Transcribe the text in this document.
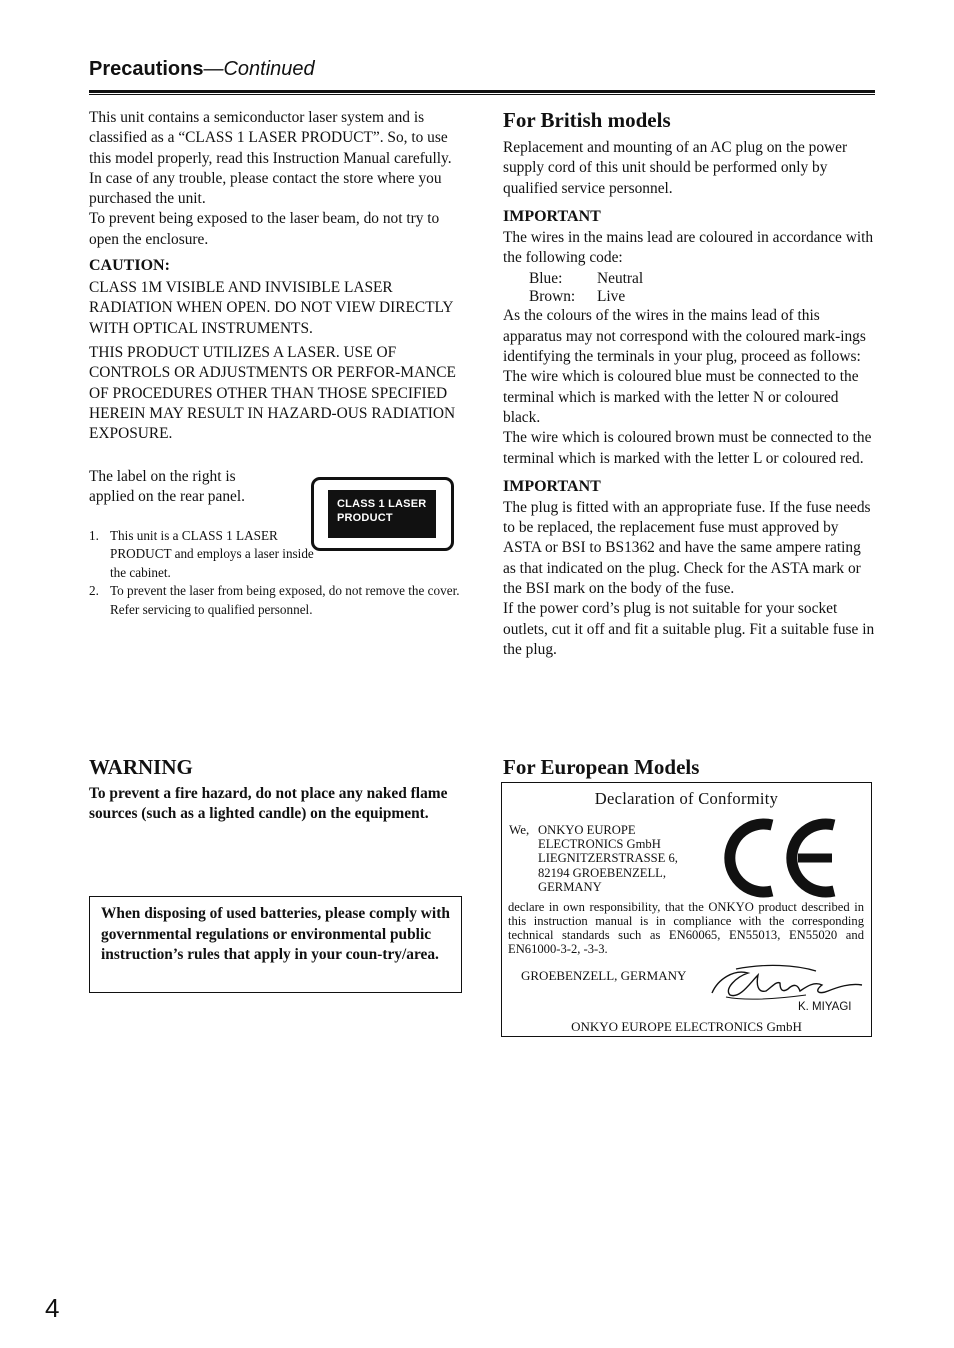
Precautions—Continued

This unit contains a semiconductor laser system and is classified as a “CLASS 1 LASER PRODUCT”. So, to use this model properly, read this Instruction Manual carefully. In case of any trouble, please contact the store where you purchased the unit.

To prevent being exposed to the laser beam, do not try to open the enclosure.

CAUTION:

CLASS 1M VISIBLE AND INVISIBLE LASER RADIATION WHEN OPEN. DO NOT VIEW DIRECTLY WITH OPTICAL INSTRUMENTS.

THIS PRODUCT UTILIZES A LASER. USE OF CONTROLS OR ADJUSTMENTS OR PERFOR-MANCE OF PROCEDURES OTHER THAN THOSE SPECIFIED HEREIN MAY RESULT IN HAZARD-OUS RADIATION EXPOSURE.

The label on the right is applied on the rear panel.	CLASS 1 LASER
PRODUCT
1. This unit is a CLASS 1 LASER PRODUCT and employs a laser inside the cabinet.
2. To prevent the laser from being exposed, do not remove the cover. Refer servicing to qualified personnel.
For British models

Replacement and mounting of an AC plug on the power supply cord of this unit should be performed only by qualified service personnel.

IMPORTANT

The wires in the mains lead are coloured in accordance with the following code:

Blue: Neutral
Brown: Live

As the colours of the wires in the mains lead of this apparatus may not correspond with the coloured mark-ings identifying the terminals in your plug, proceed as follows:

The wire which is coloured blue must be connected to the terminal which is marked with the letter N or coloured black.

The wire which is coloured brown must be connected to the terminal which is marked with the letter L or coloured red.

IMPORTANT

The plug is fitted with an appropriate fuse. If the fuse needs to be replaced, the replacement fuse must approved by ASTA or BSI to BS1362 and have the same ampere rating as that indicated on the plug. Check for the ASTA mark or the BSI mark on the body of the fuse.

If the power cord’s plug is not suitable for your socket outlets, cut it off and fit a suitable plug. Fit a suitable fuse in the plug.

WARNING

To prevent a fire hazard, do not place any naked flame sources (such as a lighted candle) on the equipment.

When disposing of used batteries, please comply with governmental regulations or environmental public instruction’s rules that apply in your coun-try/area.
For European Models
Declaration of Conformity
We, ONKYO EUROPE
ELECTRONICS GmbH
LIEGNITZERSTRASSE 6,
82194 GROEBENZELL,
GERMANY
declare in own responsibility, that the ONKYO product described in this instruction manual is in compliance with the corresponding technical standards such as EN60065, EN55013, EN55020 and EN61000-3-2, -3-3.
GROEBENZELL, GERMANY
K. MIYAGI
ONKYO EUROPE ELECTRONICS GmbH
4
